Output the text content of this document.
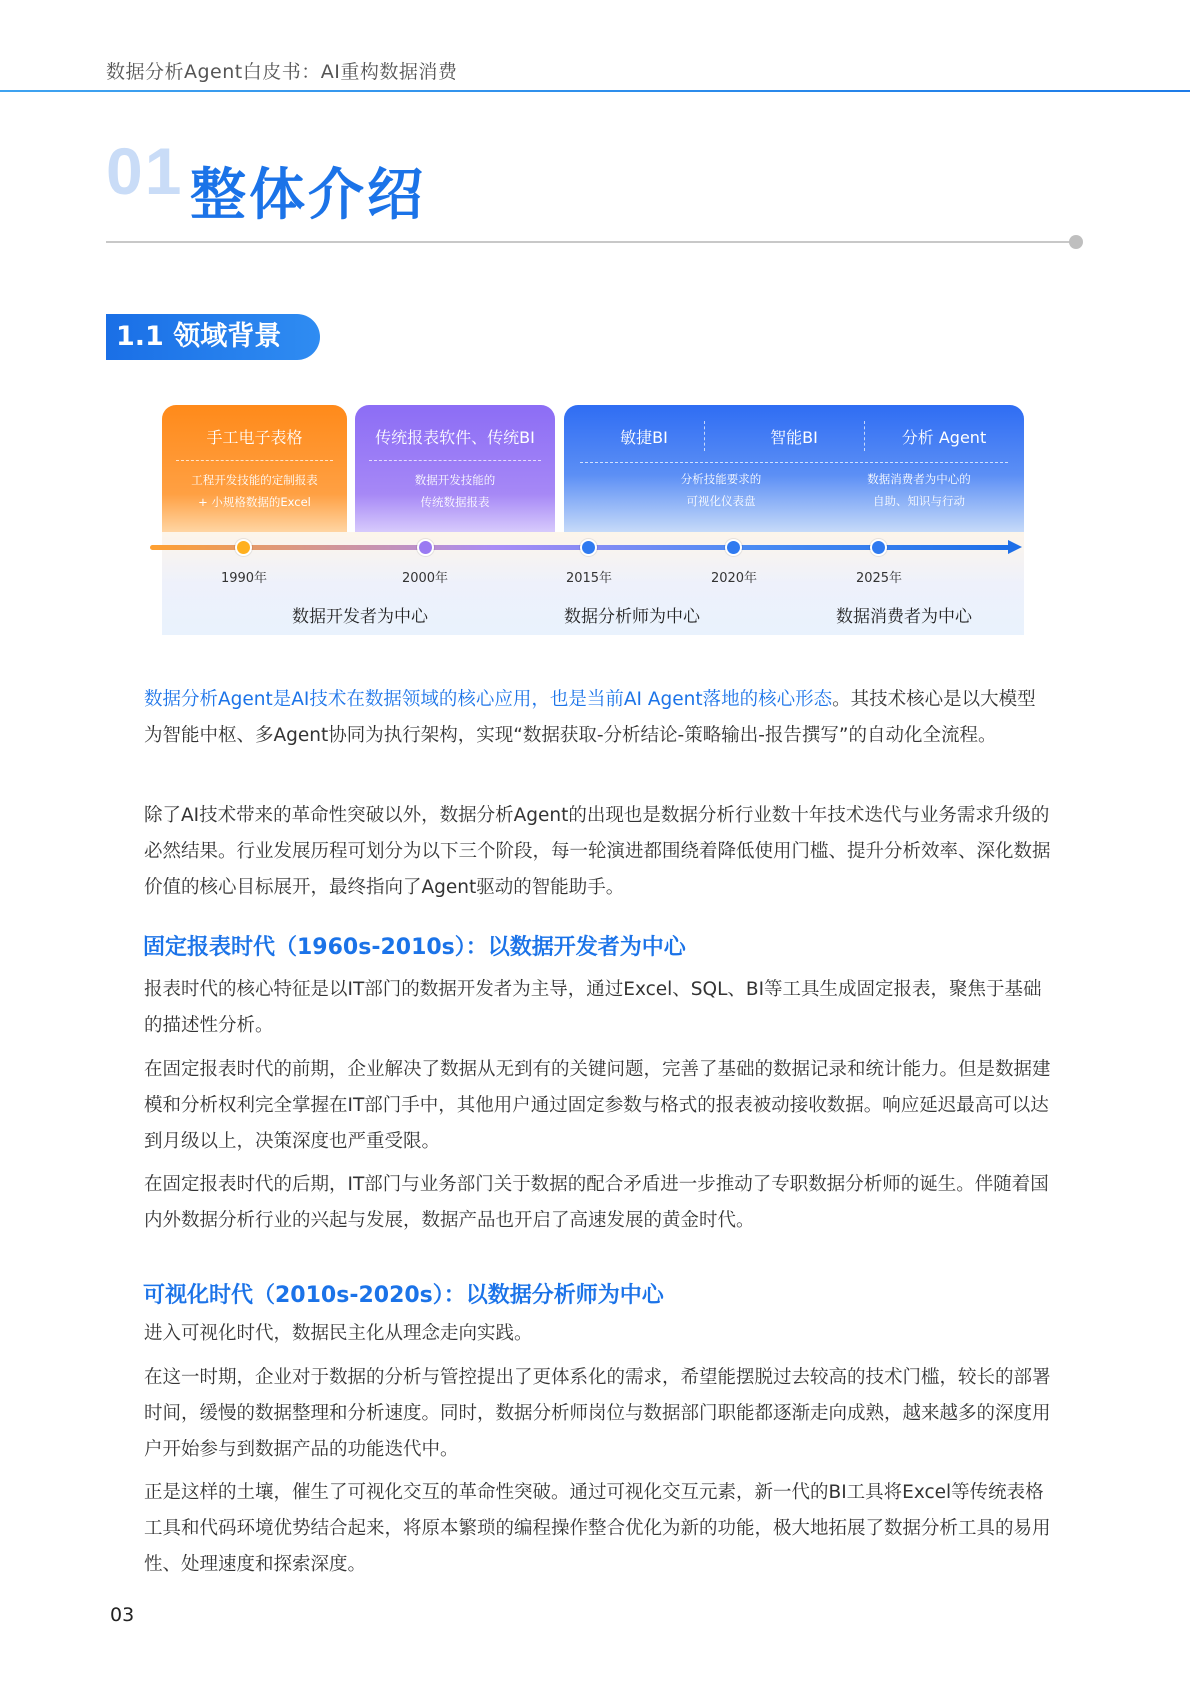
数据分析Agent白皮书：AI重构数据消费
01 整体介绍
1.1 领域背景
手工电子表格
工程开发技能的定制报表
+ 小规格数据的Excel
传统报表软件、传统BI
数据开发技能的
传统数据报表
敏捷BI	智能BI	分析 Agent
分析技能要求的
可视化仪表盘
数据消费者为中心的
自助、知识与行动
1990年	2000年	2015年	2020年	2025年
数据开发者为中心	数据分析师为中心	数据消费者为中心
数据分析Agent是AI技术在数据领域的核心应用，也是当前AI Agent落地的核心形态。其技术核心是以大模型为智能中枢、多Agent协同为执行架构，实现“数据获取-分析结论-策略输出-报告撰写”的自动化全流程。
除了AI技术带来的革命性突破以外，数据分析Agent的出现也是数据分析行业数十年技术迭代与业务需求升级的必然结果。行业发展历程可划分为以下三个阶段，每一轮演进都围绕着降低使用门槛、提升分析效率、深化数据价值的核心目标展开，最终指向了Agent驱动的智能助手。
固定报表时代（1960s-2010s）：以数据开发者为中心
报表时代的核心特征是以IT部门的数据开发者为主导，通过Excel、SQL、BI等工具生成固定报表，聚焦于基础的描述性分析。
在固定报表时代的前期，企业解决了数据从无到有的关键问题，完善了基础的数据记录和统计能力。但是数据建模和分析权利完全掌握在IT部门手中，其他用户通过固定参数与格式的报表被动接收数据。响应延迟最高可以达到月级以上，决策深度也严重受限。
在固定报表时代的后期，IT部门与业务部门关于数据的配合矛盾进一步推动了专职数据分析师的诞生。伴随着国内外数据分析行业的兴起与发展，数据产品也开启了高速发展的黄金时代。
可视化时代（2010s-2020s）：以数据分析师为中心
进入可视化时代，数据民主化从理念走向实践。
在这一时期，企业对于数据的分析与管控提出了更体系化的需求，希望能摆脱过去较高的技术门槛，较长的部署时间，缓慢的数据整理和分析速度。同时，数据分析师岗位与数据部门职能都逐渐走向成熟，越来越多的深度用户开始参与到数据产品的功能迭代中。
正是这样的土壤，催生了可视化交互的革命性突破。通过可视化交互元素，新一代的BI工具将Excel等传统表格工具和代码环境优势结合起来，将原本繁琐的编程操作整合优化为新的功能，极大地拓展了数据分析工具的易用性、处理速度和探索深度。
03
